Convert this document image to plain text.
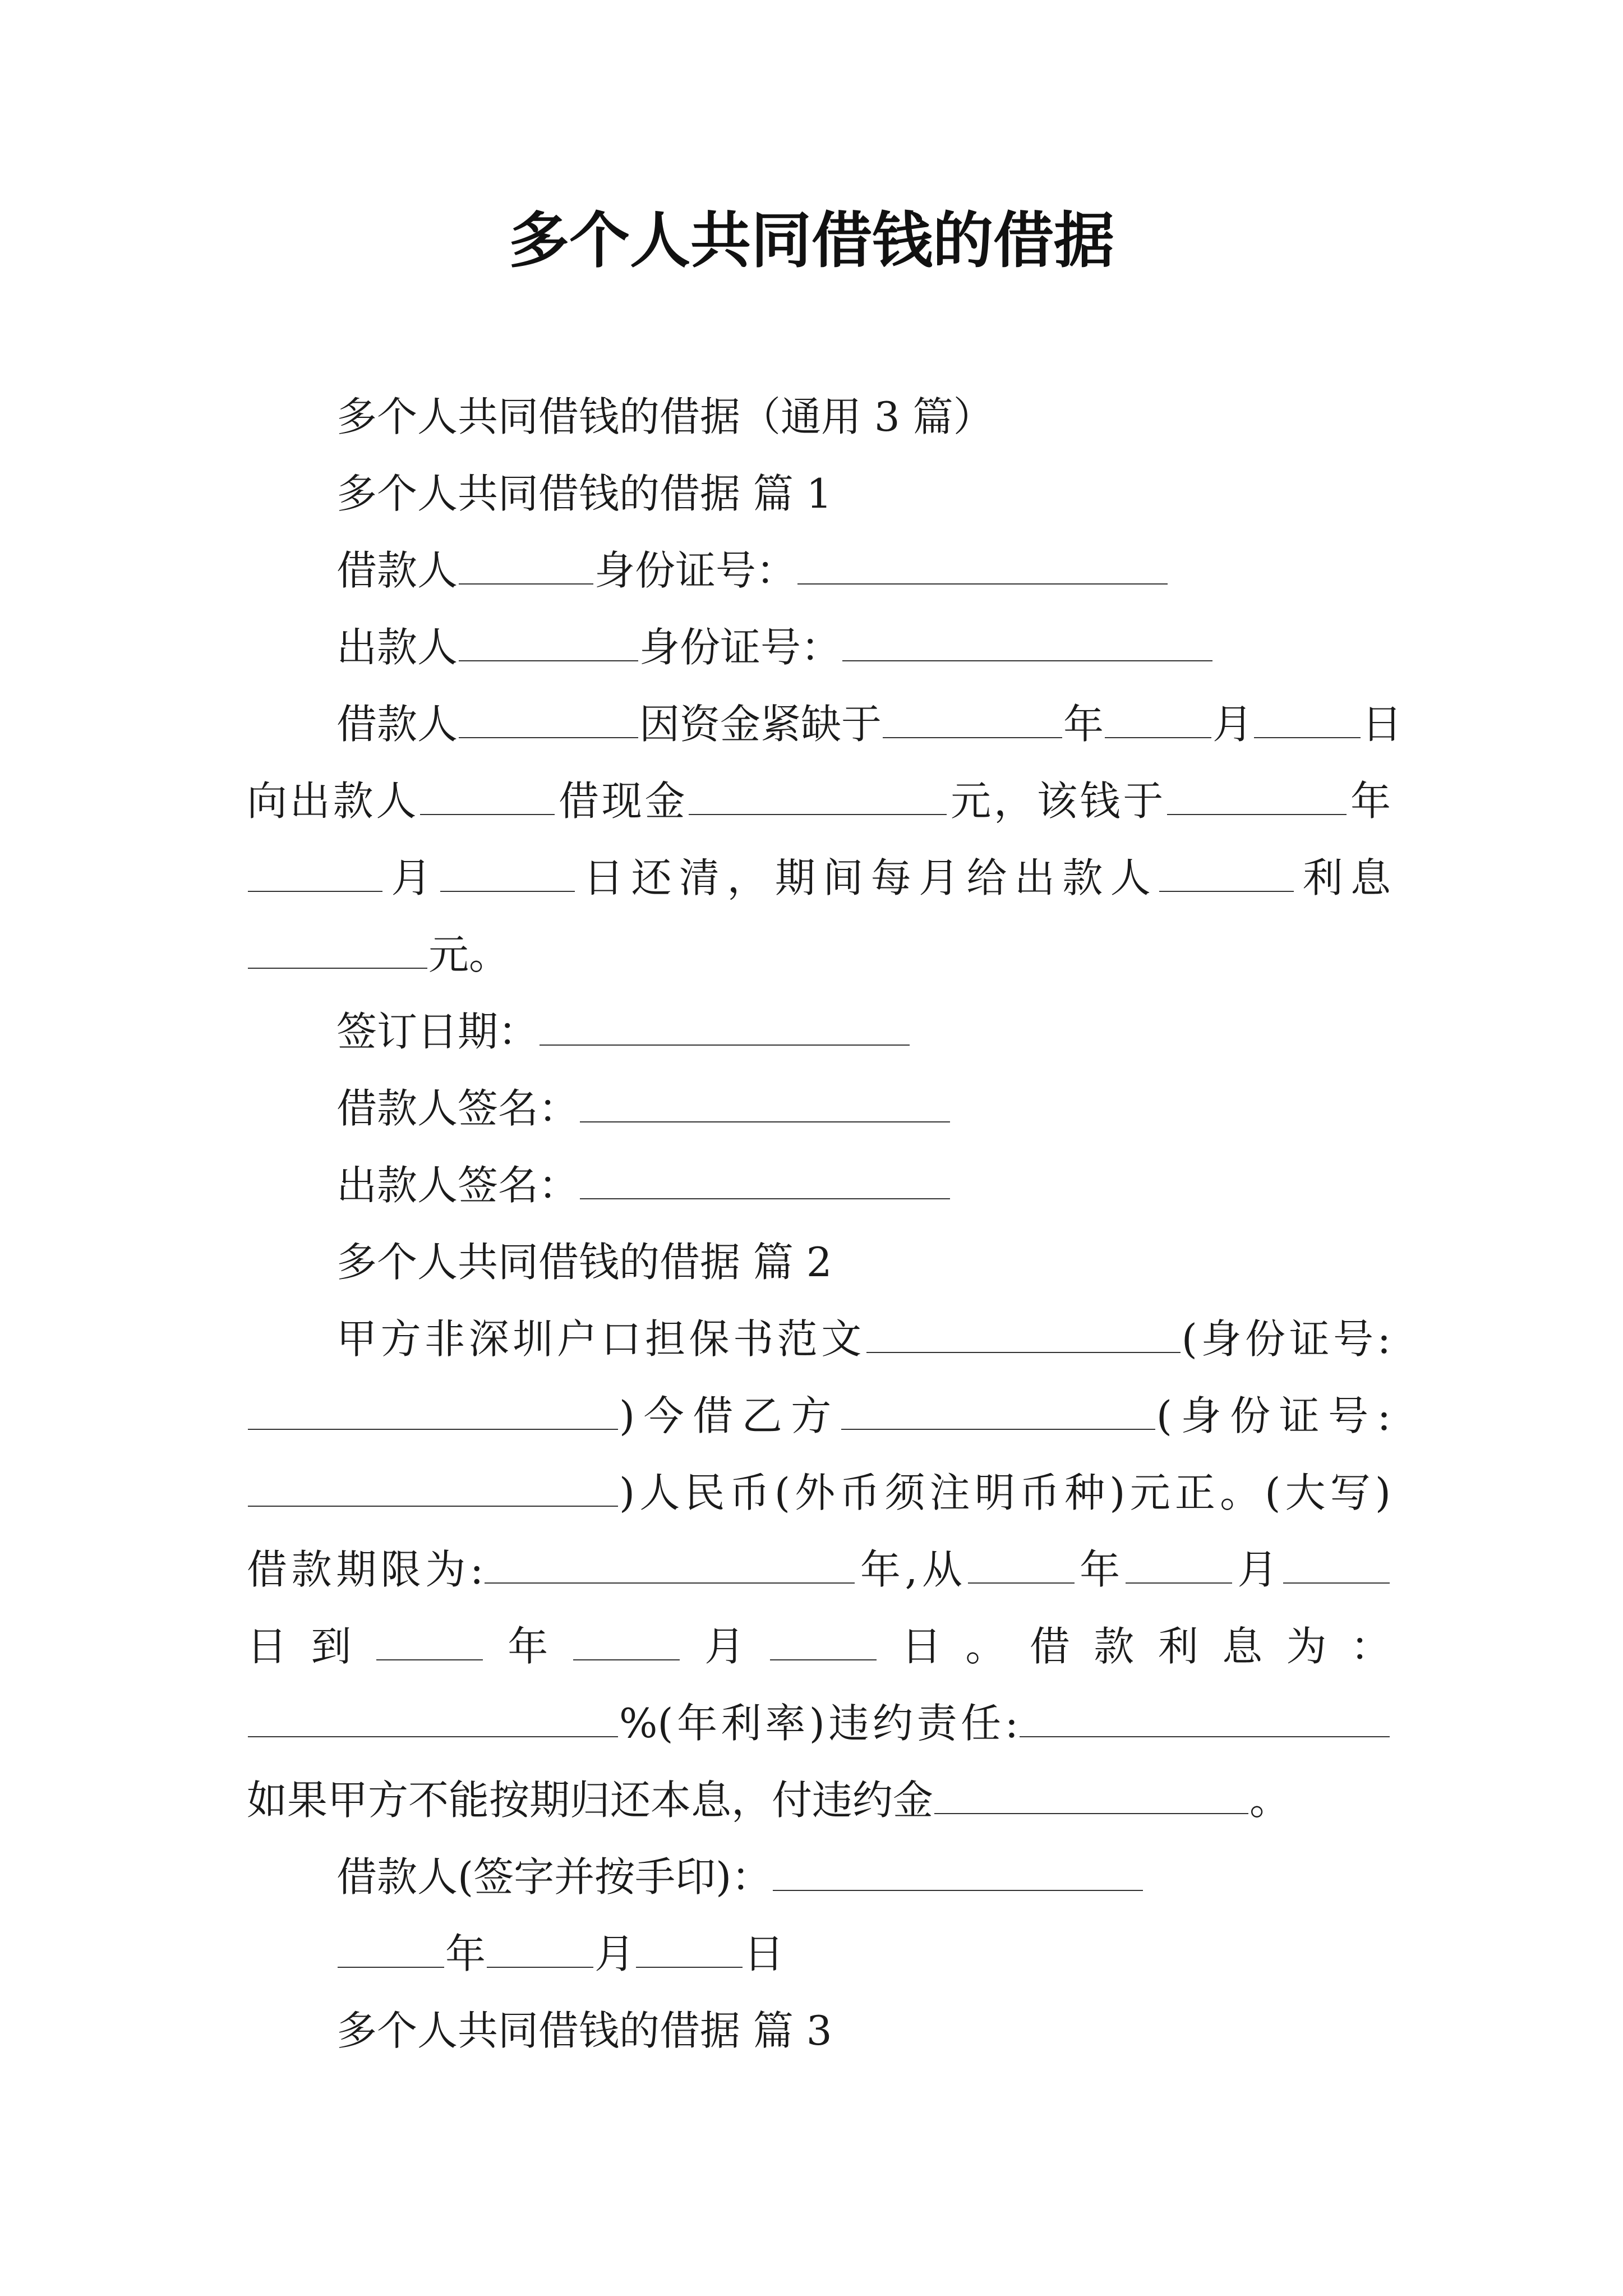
多个人共同借钱的借据
多个人共同借钱的借据（通用 3 篇）
多个人共同借钱的借据 篇 1
借款人	身份证号：
出款人	身份证号：
借款人	因资金紧缺于	年	月	日
向出款人	借现金	元，该钱于	年
月	日还清，期间每月给出款人	利息
元。
签订日期：
借款人签名：
出款人签名：
多个人共同借钱的借据 篇 2
甲方非深圳户口担保书范文	(身份证号:
)今借乙方	(身份证号:
)人民币(外币须注明币种)元正。(大写)
借款期限为:	年,从	年	月
日到	年	月	日。借款利息为：
%(年利率)违约责任:
如果甲方不能按期归还本息，付违约金	。
借款人(签字并按手印)：
年	月	日
多个人共同借钱的借据 篇 3
